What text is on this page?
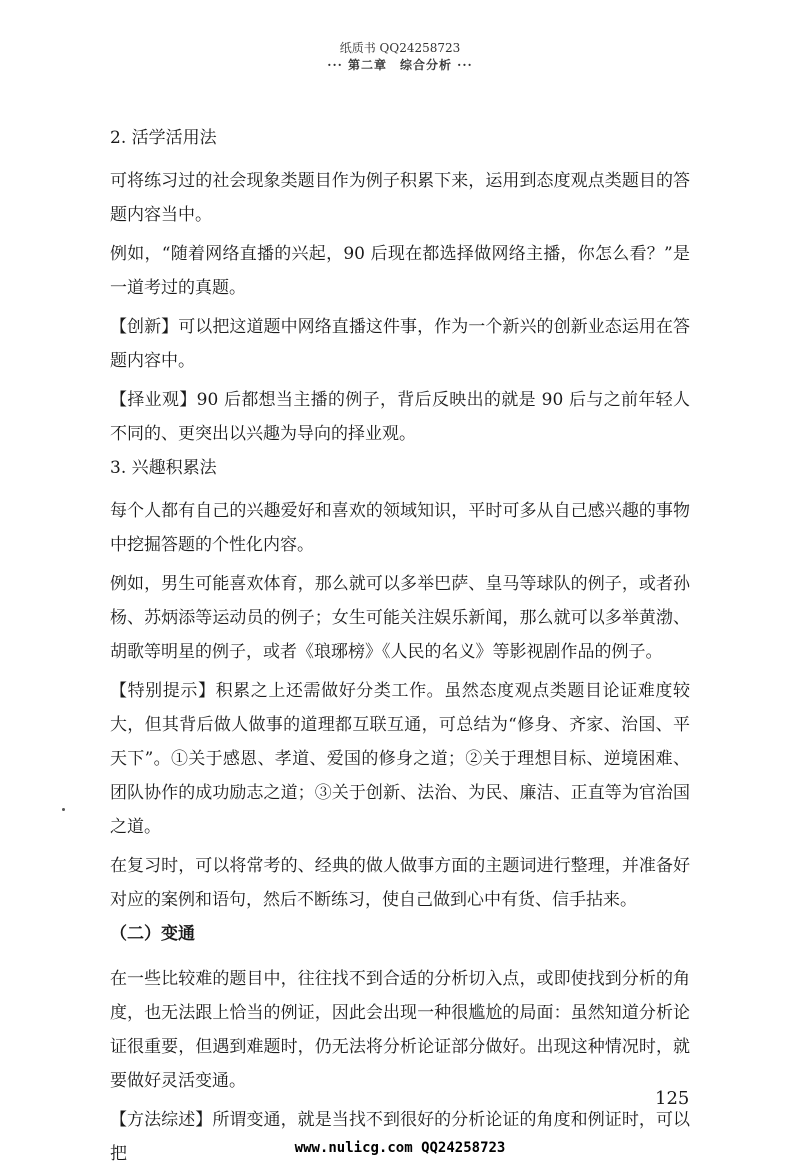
纸质书 QQ24258723
··· 第二章　综合分析 ···
2. 活学活用法
可将练习过的社会现象类题目作为例子积累下来，运用到态度观点类题目的答题内容当中。
例如，“随着网络直播的兴起，90 后现在都选择做网络主播，你怎么看？”是一道考过的真题。
【创新】可以把这道题中网络直播这件事，作为一个新兴的创新业态运用在答题内容中。
【择业观】90 后都想当主播的例子，背后反映出的就是 90 后与之前年轻人不同的、更突出以兴趣为导向的择业观。
3. 兴趣积累法
每个人都有自己的兴趣爱好和喜欢的领域知识，平时可多从自己感兴趣的事物中挖掘答题的个性化内容。
例如，男生可能喜欢体育，那么就可以多举巴萨、皇马等球队的例子，或者孙杨、苏炳添等运动员的例子；女生可能关注娱乐新闻，那么就可以多举黄渤、胡歌等明星的例子，或者《琅琊榜》《人民的名义》等影视剧作品的例子。
【特别提示】积累之上还需做好分类工作。虽然态度观点类题目论证难度较大，但其背后做人做事的道理都互联互通，可总结为“修身、齐家、治国、平天下”。①关于感恩、孝道、爱国的修身之道；②关于理想目标、逆境困难、团队协作的成功励志之道；③关于创新、法治、为民、廉洁、正直等为官治国之道。
在复习时，可以将常考的、经典的做人做事方面的主题词进行整理，并准备好对应的案例和语句，然后不断练习，使自己做到心中有货、信手拈来。
（二）变通
在一些比较难的题目中，往往找不到合适的分析切入点，或即使找到分析的角度，也无法跟上恰当的例证，因此会出现一种很尴尬的局面：虽然知道分析论证很重要，但遇到难题时，仍无法将分析论证部分做好。出现这种情况时，就要做好灵活变通。
【方法综述】所谓变通，就是当找不到很好的分析论证的角度和例证时，可以把
125
www.nulicg.com QQ24258723
